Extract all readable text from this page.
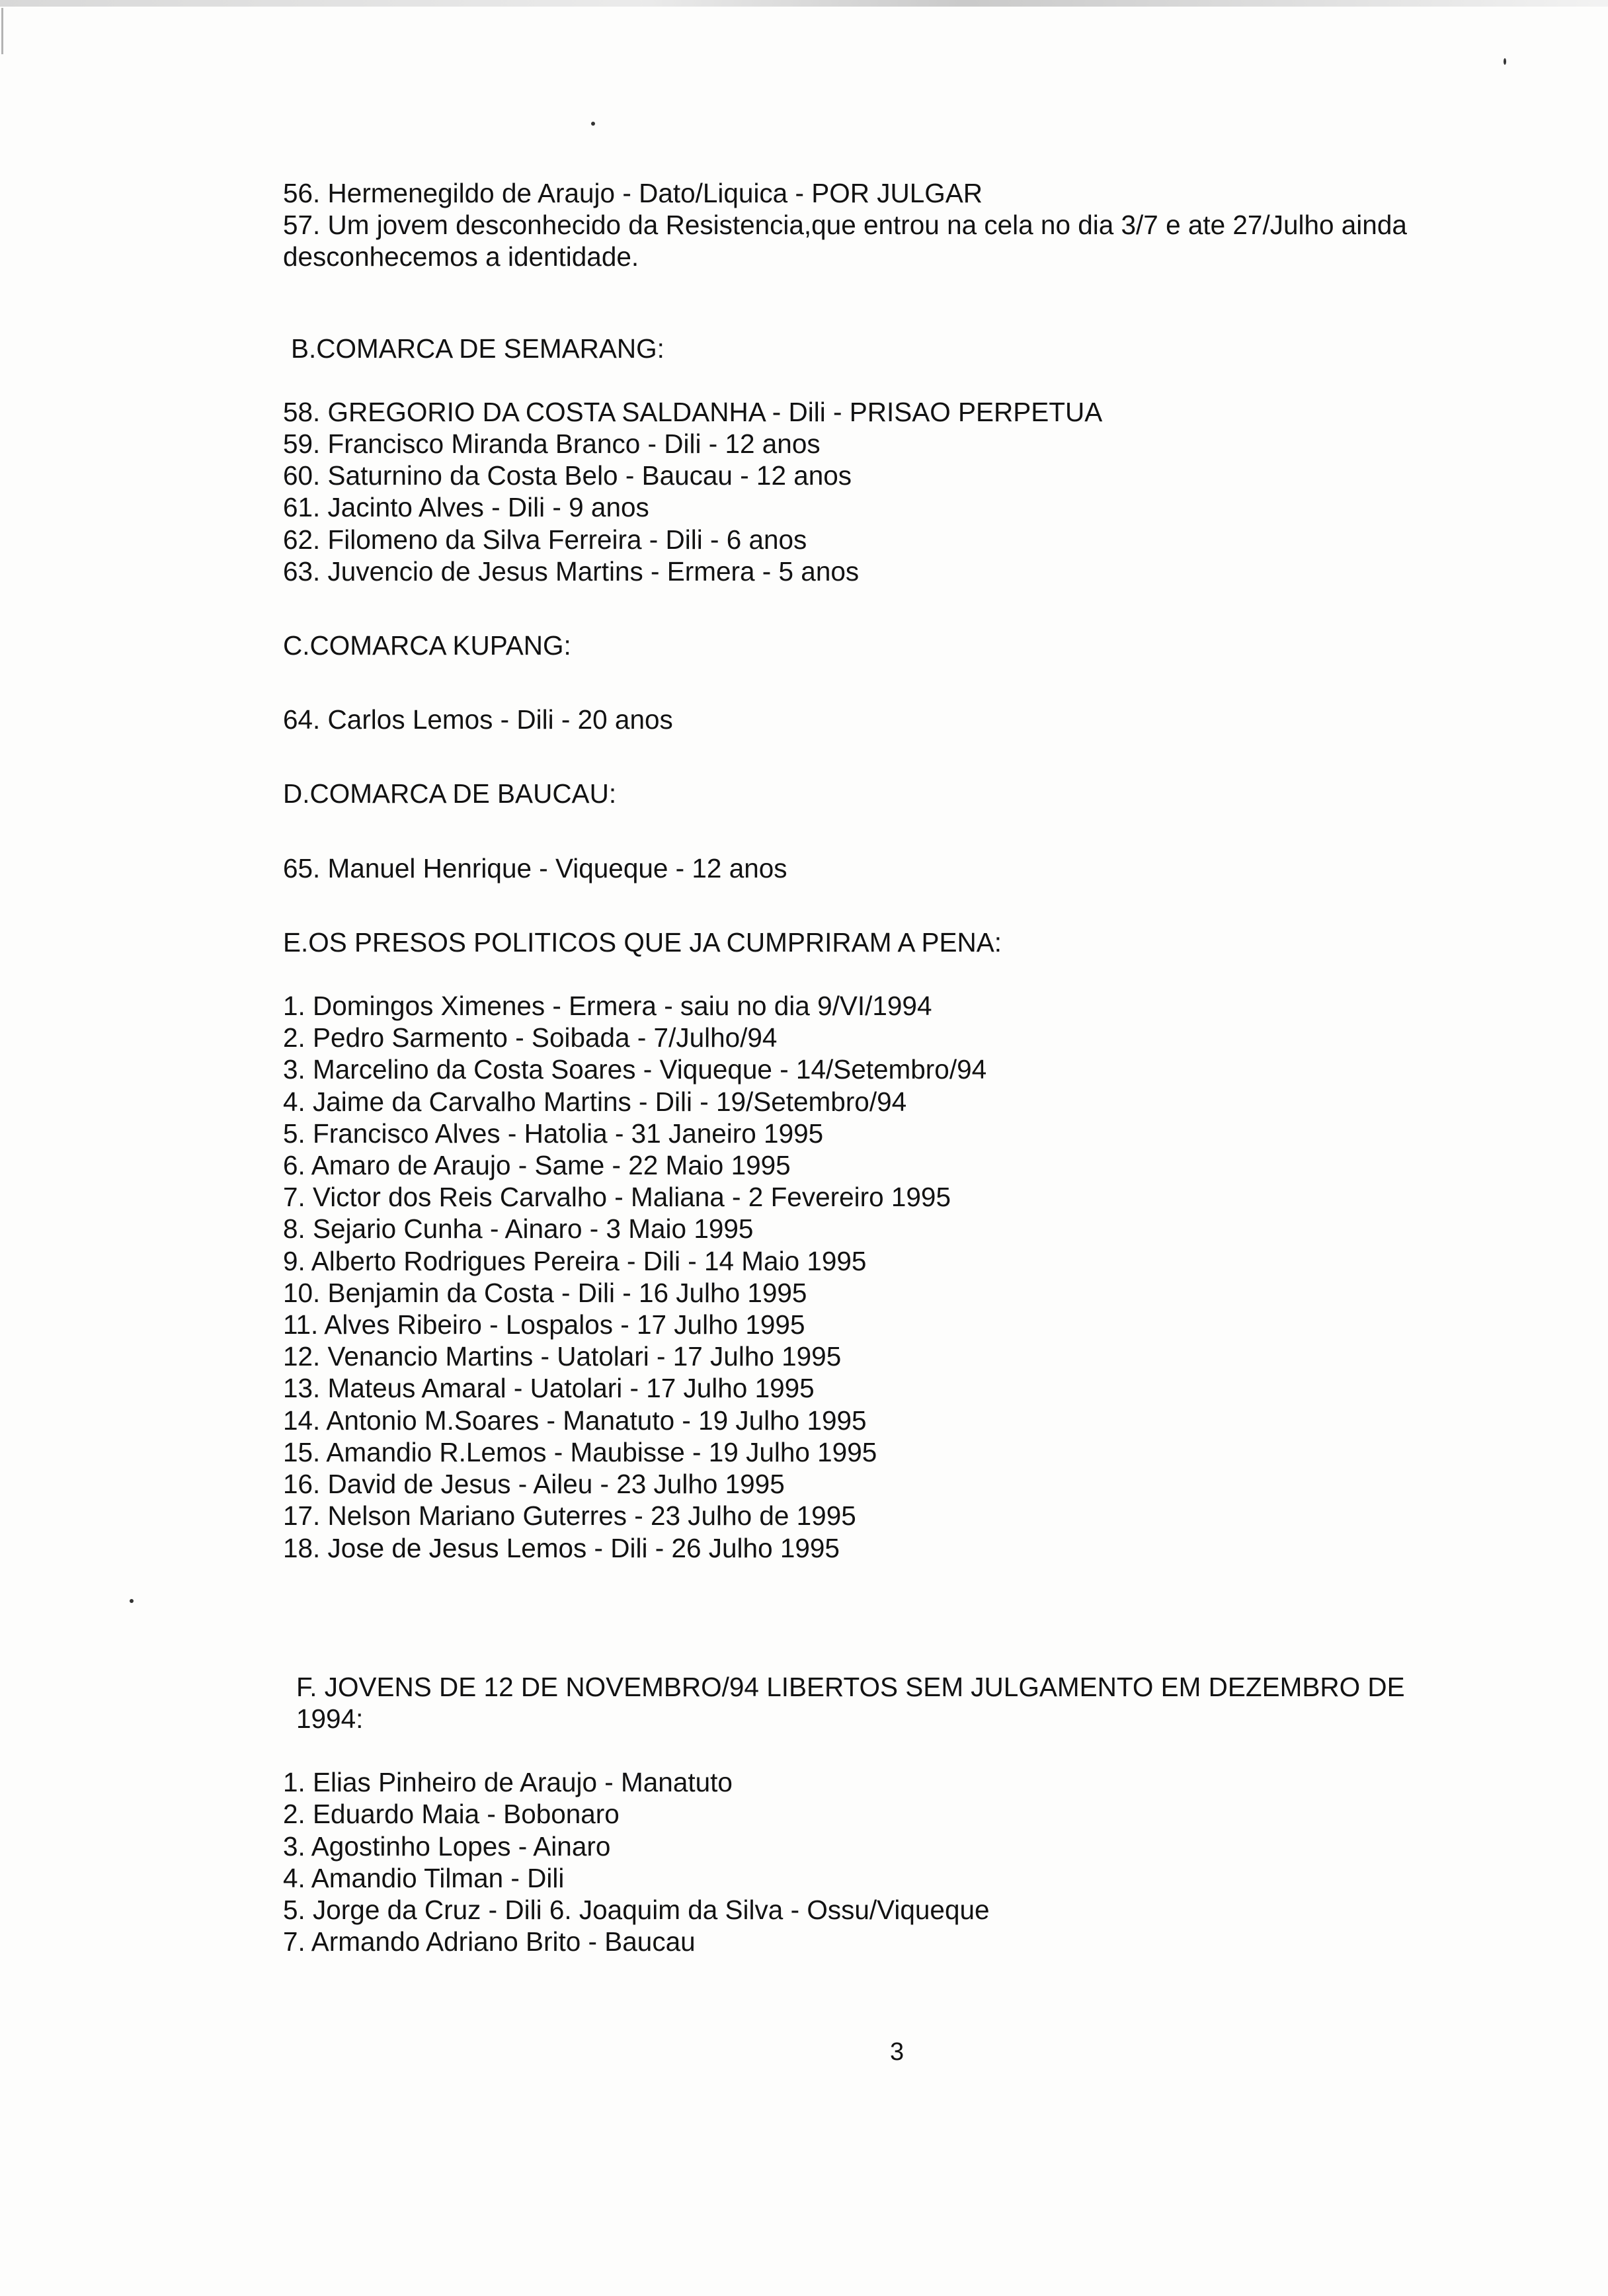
56. Hermenegildo de Araujo - Dato/Liquica - POR JULGAR
57. Um jovem desconhecido da Resistencia,que entrou na cela no dia 3/7 e ate 27/Julho ainda desconhecemos a identidade.
B.COMARCA DE SEMARANG:
58. GREGORIO DA COSTA SALDANHA - Dili - PRISAO PERPETUA
59. Francisco Miranda Branco - Dili - 12 anos
60. Saturnino da Costa Belo - Baucau - 12 anos
61. Jacinto Alves - Dili - 9 anos
62. Filomeno da Silva Ferreira - Dili - 6 anos
63. Juvencio de Jesus Martins - Ermera - 5 anos
C.COMARCA KUPANG:
64. Carlos Lemos - Dili - 20 anos
D.COMARCA DE BAUCAU:
65. Manuel Henrique - Viqueque - 12 anos
E.OS PRESOS POLITICOS QUE JA CUMPRIRAM A PENA:
1. Domingos Ximenes - Ermera - saiu no dia 9/VI/1994
2. Pedro Sarmento - Soibada - 7/Julho/94
3. Marcelino da Costa Soares - Viqueque - 14/Setembro/94
4. Jaime da Carvalho Martins - Dili - 19/Setembro/94
5. Francisco Alves - Hatolia - 31 Janeiro 1995
6. Amaro de Araujo - Same - 22 Maio 1995
7. Victor dos Reis Carvalho - Maliana - 2 Fevereiro 1995
8. Sejario Cunha - Ainaro - 3 Maio 1995
9. Alberto Rodrigues Pereira - Dili - 14 Maio 1995
10. Benjamin da Costa - Dili - 16 Julho 1995
11. Alves Ribeiro - Lospalos - 17 Julho 1995
12. Venancio Martins - Uatolari - 17 Julho 1995
13. Mateus Amaral - Uatolari - 17 Julho 1995
14. Antonio M.Soares - Manatuto - 19 Julho 1995
15. Amandio R.Lemos - Maubisse - 19 Julho 1995
16. David de Jesus - Aileu - 23 Julho 1995
17. Nelson Mariano Guterres - 23 Julho de 1995
18. Jose de Jesus Lemos - Dili - 26 Julho 1995
F. JOVENS DE 12 DE NOVEMBRO/94 LIBERTOS SEM JULGAMENTO EM DEZEMBRO DE 1994:
1. Elias Pinheiro de Araujo - Manatuto
2. Eduardo Maia - Bobonaro
3. Agostinho Lopes - Ainaro
4. Amandio Tilman - Dili
5. Jorge da Cruz - Dili 6. Joaquim da Silva - Ossu/Viqueque
7. Armando Adriano Brito - Baucau
3
